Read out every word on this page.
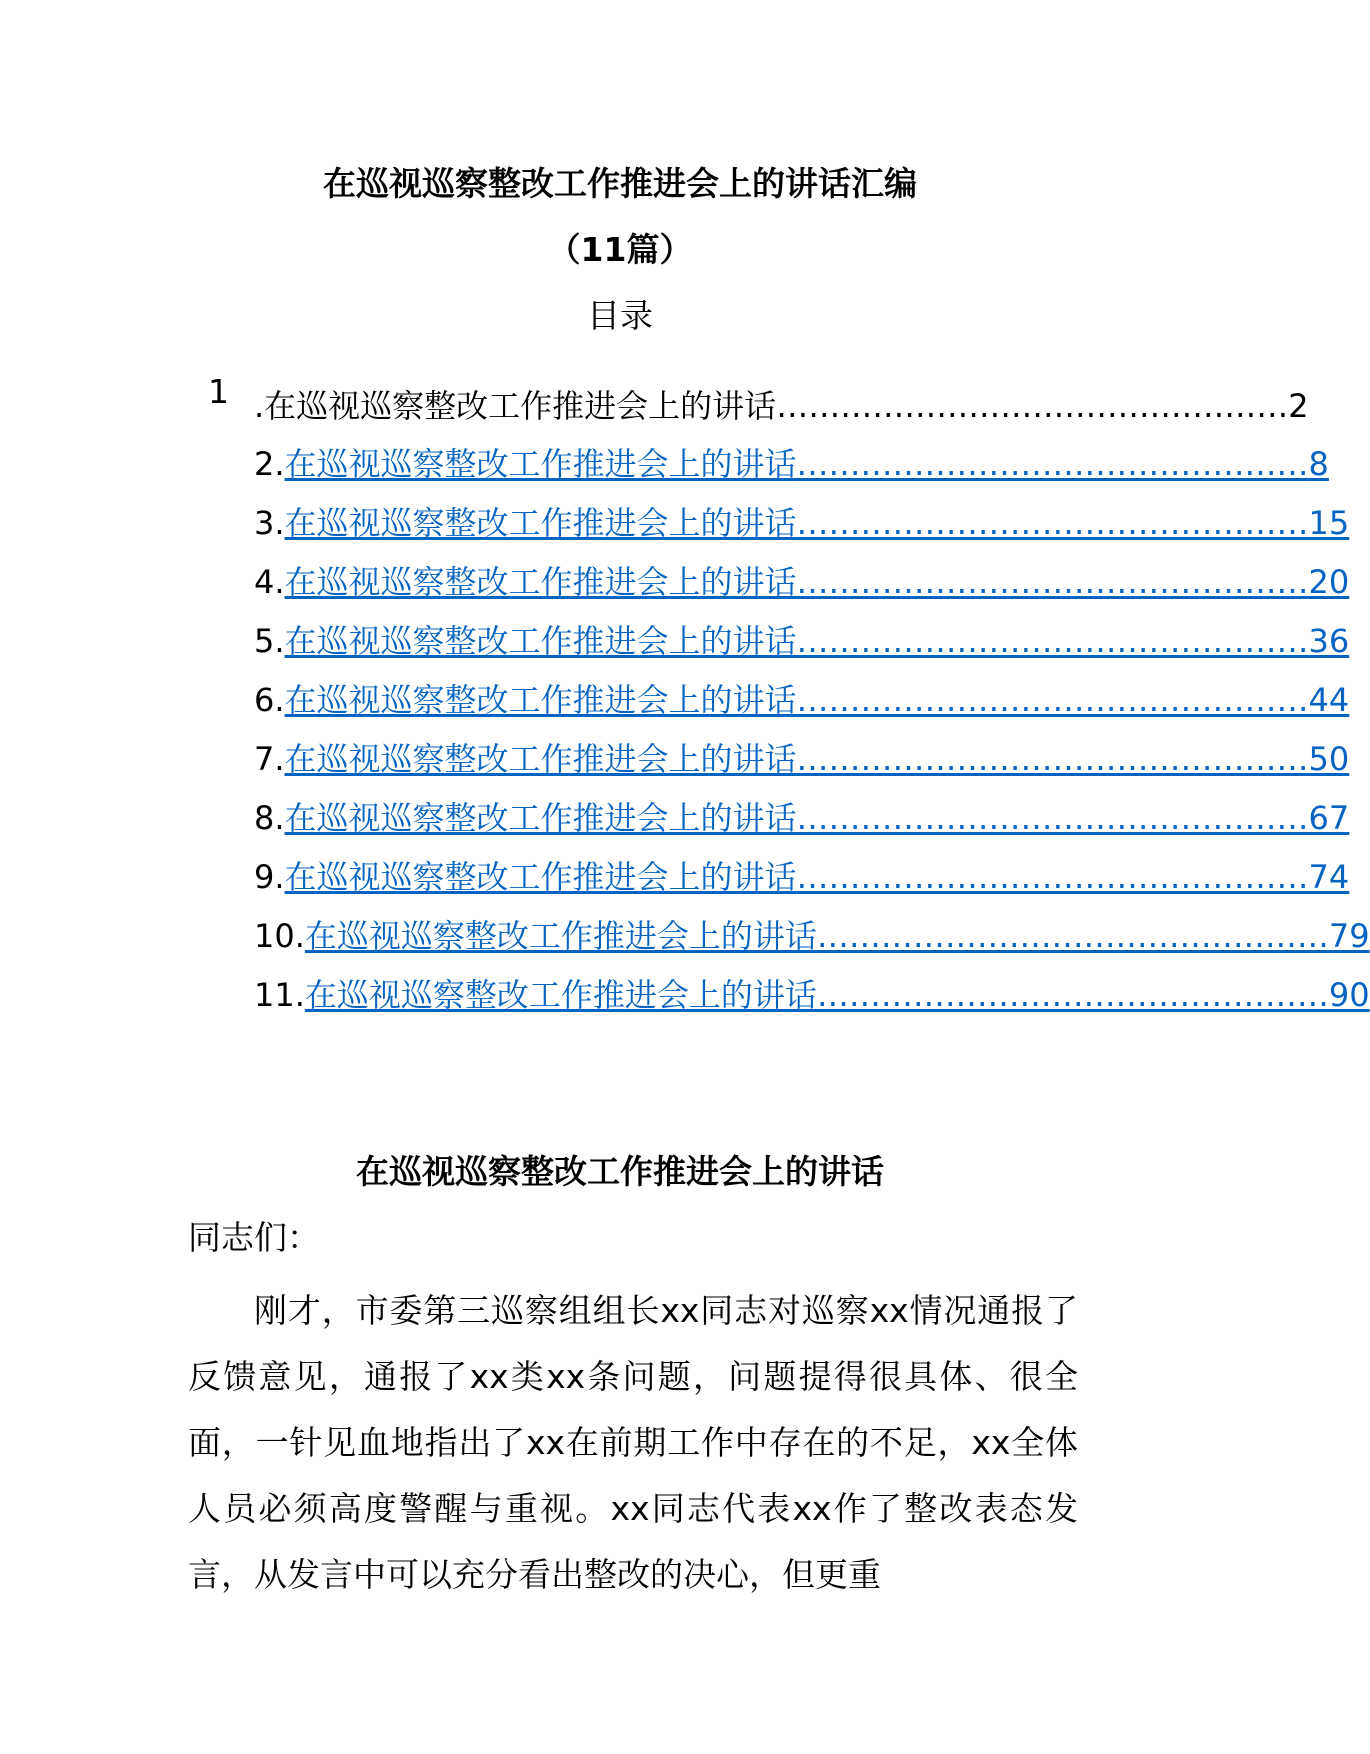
在巡视巡察整改工作推进会上的讲话汇编
（11篇）
目录
1 .在巡视巡察整改工作推进会上的讲话 ………………………………………… 2
2. 在巡视巡察整改工作推进会上的讲话 ………………………………………… 8
3. 在巡视巡察整改工作推进会上的讲话 ………………………………………… 15
4. 在巡视巡察整改工作推进会上的讲话 ………………………………………… 20
5. 在巡视巡察整改工作推进会上的讲话 ………………………………………… 36
6. 在巡视巡察整改工作推进会上的讲话 ………………………………………… 44
7. 在巡视巡察整改工作推进会上的讲话 ………………………………………… 50
8. 在巡视巡察整改工作推进会上的讲话 ………………………………………… 67
9. 在巡视巡察整改工作推进会上的讲话 ………………………………………… 74
10. 在巡视巡察整改工作推进会上的讲话 ………………………………………… 79
11. 在巡视巡察整改工作推进会上的讲话 ………………………………………… 90
在巡视巡察整改工作推进会上的讲话
同志们：
刚才，市委第三巡察组组长xx同志对巡察xx情况通报了反馈意见，通报了xx类xx条问题，问题提得很具体、很全面，一针见血地指出了xx在前期工作中存在的不足，xx全体人员必须高度警醒与重视。xx同志代表xx作了整改表态发言，从发言中可以充分看出整改的决心，但更重
